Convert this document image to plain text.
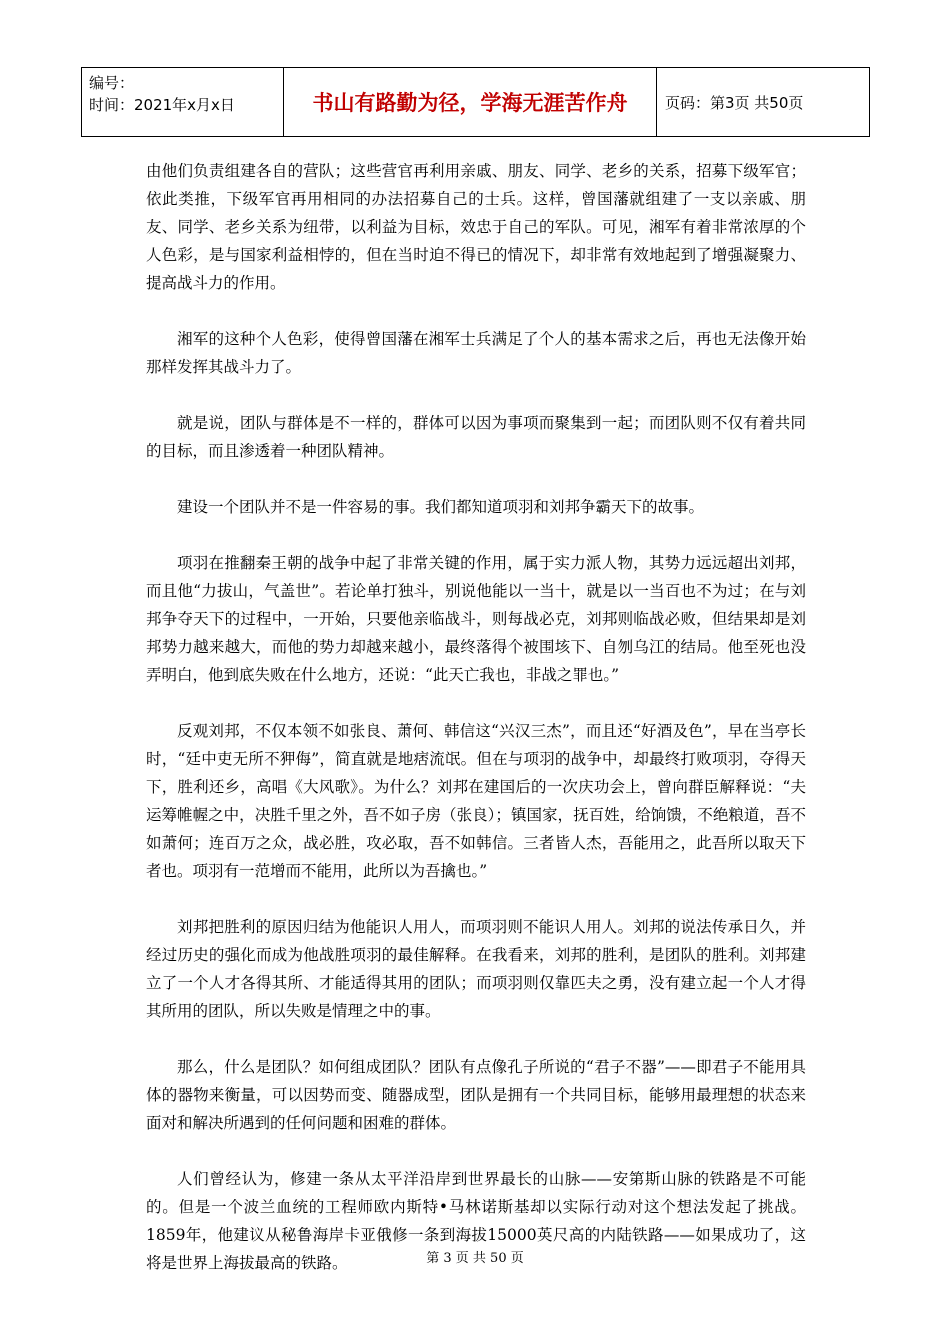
编号：
时间：2021年x月x日	书山有路勤为径，学海无涯苦作舟	页码：第3页 共50页

由他们负责组建各自的营队；这些营官再利用亲戚、朋友、同学、老乡的关系，招募下级军官；依此类推，下级军官再用相同的办法招募自己的士兵。这样，曾国藩就组建了一支以亲戚、朋友、同学、老乡关系为纽带，以利益为目标，效忠于自己的军队。可见，湘军有着非常浓厚的个人色彩，是与国家利益相悖的，但在当时迫不得已的情况下，却非常有效地起到了增强凝聚力、提高战斗力的作用。

湘军的这种个人色彩，使得曾国藩在湘军士兵满足了个人的基本需求之后，再也无法像开始那样发挥其战斗力了。

就是说，团队与群体是不一样的，群体可以因为事项而聚集到一起；而团队则不仅有着共同的目标，而且渗透着一种团队精神。

建设一个团队并不是一件容易的事。我们都知道项羽和刘邦争霸天下的故事。

项羽在推翻秦王朝的战争中起了非常关键的作用，属于实力派人物，其势力远远超出刘邦，而且他“力拔山，气盖世”。若论单打独斗，别说他能以一当十，就是以一当百也不为过；在与刘邦争夺天下的过程中，一开始，只要他亲临战斗，则每战必克，刘邦则临战必败，但结果却是刘邦势力越来越大，而他的势力却越来越小，最终落得个被围垓下、自刎乌江的结局。他至死也没弄明白，他到底失败在什么地方，还说：“此天亡我也，非战之罪也。”

反观刘邦，不仅本领不如张良、萧何、韩信这“兴汉三杰”，而且还“好酒及色”，早在当亭长时，“廷中吏无所不狎侮”，简直就是地痞流氓。但在与项羽的战争中，却最终打败项羽，夺得天下，胜利还乡，高唱《大风歌》。为什么？刘邦在建国后的一次庆功会上，曾向群臣解释说：“夫运筹帷幄之中，决胜千里之外，吾不如子房（张良）；镇国家，抚百姓，给饷馈，不绝粮道，吾不如萧何；连百万之众，战必胜，攻必取，吾不如韩信。三者皆人杰，吾能用之，此吾所以取天下者也。项羽有一范增而不能用，此所以为吾擒也。”

刘邦把胜利的原因归结为他能识人用人，而项羽则不能识人用人。刘邦的说法传承日久，并经过历史的强化而成为他战胜项羽的最佳解释。在我看来，刘邦的胜利，是团队的胜利。刘邦建立了一个人才各得其所、才能适得其用的团队；而项羽则仅靠匹夫之勇，没有建立起一个人才得其所用的团队，所以失败是情理之中的事。

那么，什么是团队？如何组成团队？团队有点像孔子所说的“君子不器”——即君子不能用具体的器物来衡量，可以因势而变、随器成型，团队是拥有一个共同目标，能够用最理想的状态来面对和解决所遇到的任何问题和困难的群体。

人们曾经认为，修建一条从太平洋沿岸到世界最长的山脉——安第斯山脉的铁路是不可能的。但是一个波兰血统的工程师欧内斯特•马林诺斯基却以实际行动对这个想法发起了挑战。1859年，他建议从秘鲁海岸卡亚俄修一条到海拔15000英尺高的内陆铁路——如果成功了，这将是世界上海拔最高的铁路。	第 3 页 共 50 页
